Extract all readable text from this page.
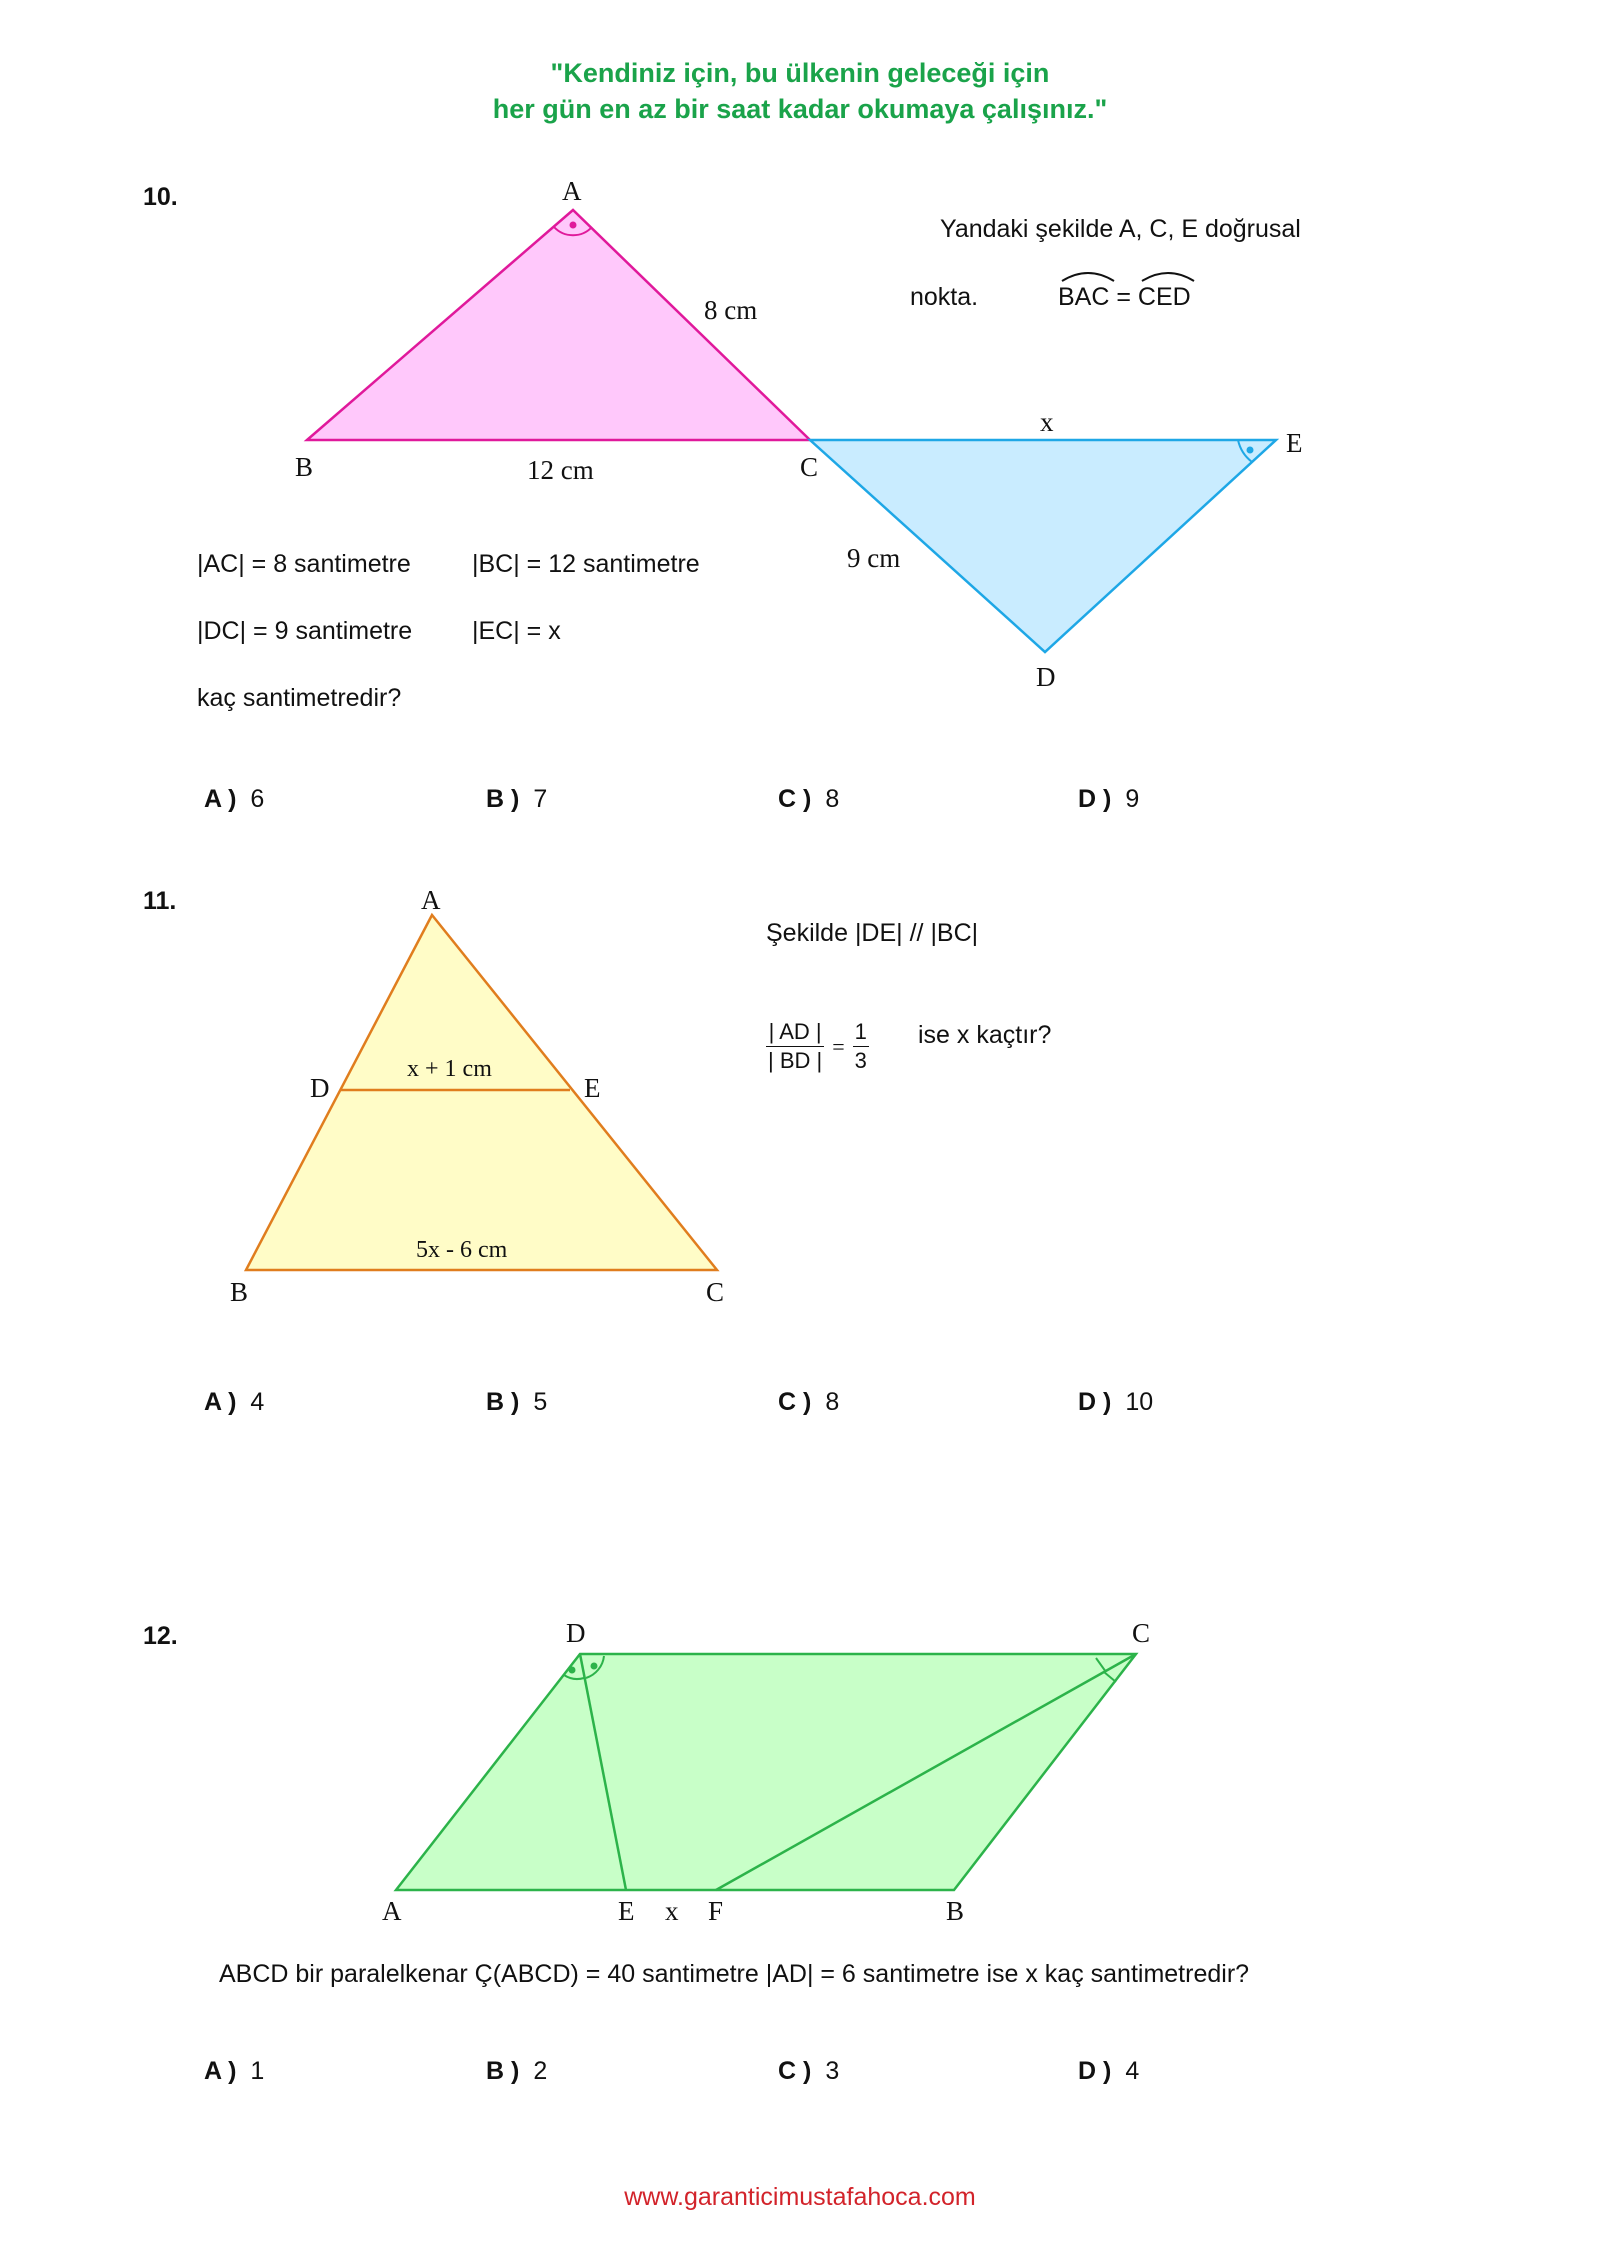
"Kendiniz için, bu ülkenin geleceği için
her gün en az bir saat kadar okumaya çalışınız."
10.	A
B	C
D
E
8 cm
12 cm
9 cm
x
Yandaki şekilde A, C, E doğrusal
nokta.	BAC = CED
|AC| = 8 santimetre |BC| = 12 santimetre
|DC| = 9 santimetre |EC| = x
kaç santimetredir?
A ) 6	B ) 7	C ) 8	D ) 9
11.	A
D	E
B	C
x + 1 cm
5x - 6 cm
Şekilde |DE| // |BC|
$\frac{| AD |}{| BD |} = \frac{1}{3}$ ise x kaçtır?
A ) 4	B ) 5	C ) 8	D ) 10
12.	D	C
A	E x F	B
ABCD bir paralelkenar Ç(ABCD) = 40 santimetre |AD| = 6 santimetre ise x kaç santimetredir?
A ) 1	B ) 2	C ) 3	D ) 4
www.garanticimustafahoca.com
